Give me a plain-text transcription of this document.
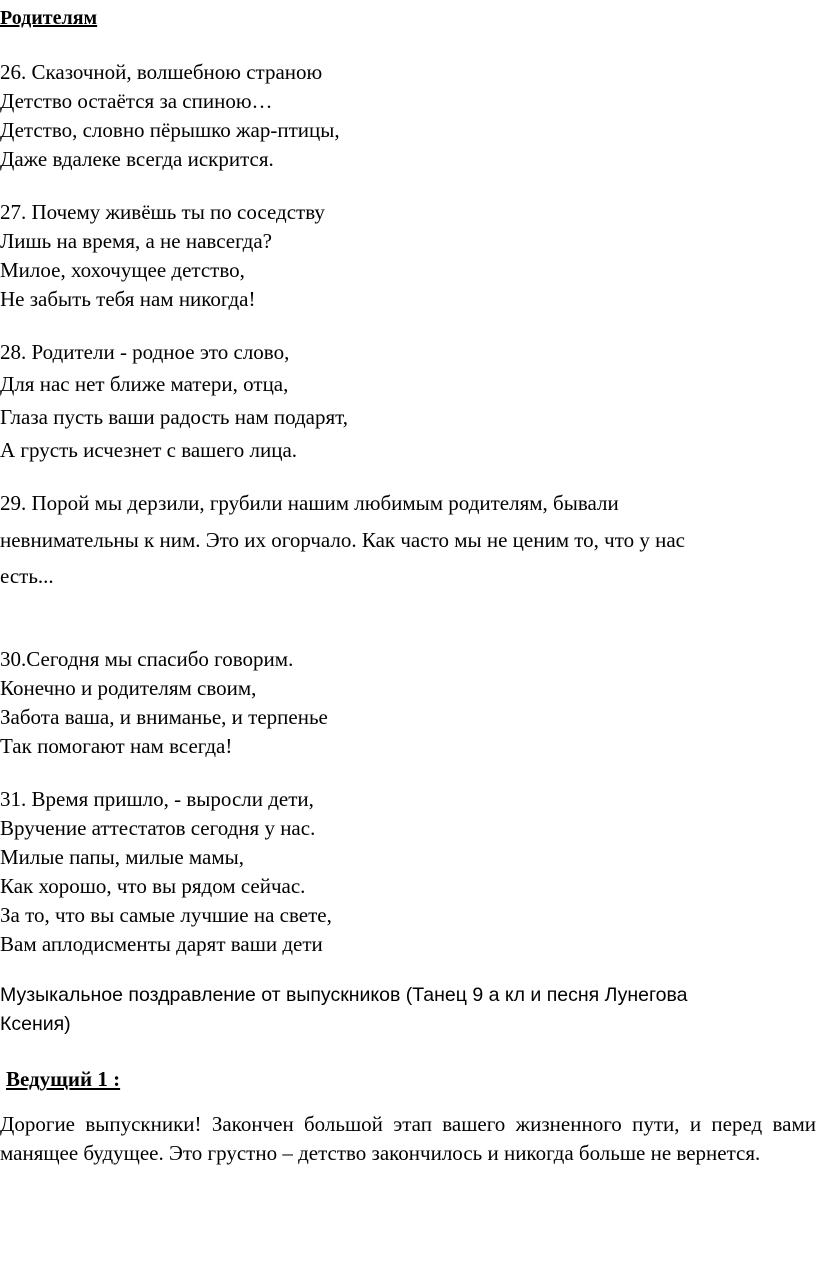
Родителям
26. Сказочной, волшебною страною
Детство остаётся за спиною…
Детство, словно пёрышко жар-птицы,
Даже вдалеке всегда искрится.
27. Почему живёшь ты по соседству
Лишь на время, а не навсегда?
Милое, хохочущее детство,
Не забыть тебя нам никогда!
28. Родители - родное это слово,
Для нас нет ближе матери, отца,
Глаза пусть ваши радость нам подарят,
А грусть исчезнет с вашего лица.
29. Порой мы дерзили, грубили нашим любимым родителям, бывали
невнимательны к ним. Это их огорчало. Как часто мы не ценим то, что у нас
есть...
30.Сегодня мы спасибо говорим.
Конечно и родителям своим,
Забота ваша, и вниманье, и терпенье
Так помогают нам всегда!
31. Время пришло, - выросли дети,
Вручение аттестатов сегодня у нас.
Милые папы, милые мамы,
Как хорошо, что вы рядом сейчас.
За то, что вы самые лучшие на свете,
Вам аплодисменты дарят ваши дети
Музыкальное поздравление от выпускников (Танец 9 а кл и песня Лунегова
Ксения)
Ведущий 1 :
Дорогие выпускники! Закончен большой этап вашего жизненного пути, и перед вами манящее будущее. Это грустно – детство закончилось и никогда больше не вернется.
